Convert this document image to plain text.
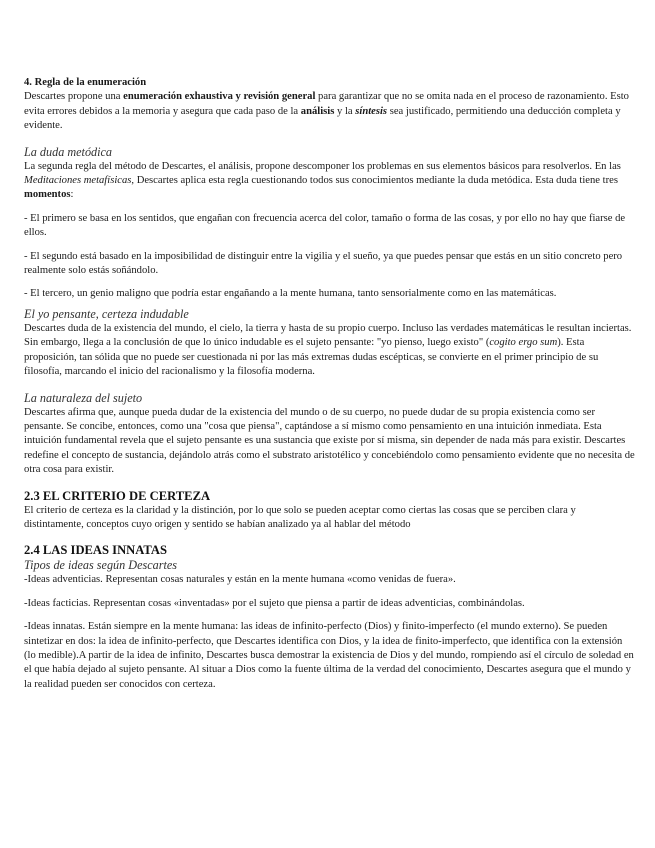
4. Regla de la enumeración

Descartes propone una enumeración exhaustiva y revisión general para garantizar que no se omita nada en el proceso de razonamiento. Esto evita errores debidos a la memoria y asegura que cada paso de la análisis y la síntesis sea justificado, permitiendo una deducción completa y evidente.

La duda metódica

La segunda regla del método de Descartes, el análisis, propone descomponer los problemas en sus elementos básicos para resolverlos. En las Meditaciones metafísicas, Descartes aplica esta regla cuestionando todos sus conocimientos mediante la duda metódica. Esta duda tiene tres momentos:

- El primero se basa en los sentidos, que engañan con frecuencia acerca del color, tamaño o forma de las cosas, y por ello no hay que fiarse de ellos.

- El segundo está basado en la imposibilidad de distinguir entre la vigilia y el sueño, ya que puedes pensar que estás en un sitio concreto pero realmente solo estás soñándolo.

- El tercero, un genio maligno que podría estar engañando a la mente humana, tanto sensorialmente como en las matemáticas.

El yo pensante, certeza indudable

Descartes duda de la existencia del mundo, el cielo, la tierra y hasta de su propio cuerpo. Incluso las verdades matemáticas le resultan inciertas. Sin embargo, llega a la conclusión de que lo único indudable es el sujeto pensante: "yo pienso, luego existo" (cogito ergo sum). Esta proposición, tan sólida que no puede ser cuestionada ni por las más extremas dudas escépticas, se convierte en el primer principio de su filosofía, marcando el inicio del racionalismo y la filosofía moderna.

La naturaleza del sujeto

Descartes afirma que, aunque pueda dudar de la existencia del mundo o de su cuerpo, no puede dudar de su propia existencia como ser pensante. Se concibe, entonces, como una "cosa que piensa", captándose a sí mismo como pensamiento en una intuición inmediata. Esta intuición fundamental revela que el sujeto pensante es una sustancia que existe por sí misma, sin depender de nada más para existir. Descartes redefine el concepto de sustancia, dejándolo atrás como el substrato aristotélico y concebiéndolo como pensamiento evidente que no necesita de otra cosa para existir.

2.3 EL CRITERIO DE CERTEZA

El criterio de certeza es la claridad y la distinción, por lo que solo se pueden aceptar como ciertas las cosas que se perciben clara y distintamente, conceptos cuyo origen y sentido se habían analizado ya al hablar del método

2.4 LAS IDEAS INNATAS

Tipos de ideas según Descartes

-Ideas adventicias. Representan cosas naturales y están en la mente humana «como venidas de fuera».

-Ideas facticias. Representan cosas «inventadas» por el sujeto que piensa a partir de ideas adventicias, combinándolas.

-Ideas innatas. Están siempre en la mente humana: las ideas de infinito-perfecto (Dios) y finito-imperfecto (el mundo externo). Se pueden sintetizar en dos: la idea de infinito-perfecto, que Descartes identifica con Dios, y la idea de finito-imperfecto, que identifica con la extensión (lo medible).A partir de la idea de infinito, Descartes busca demostrar la existencia de Dios y del mundo, rompiendo así el círculo de soledad en el que había dejado al sujeto pensante. Al situar a Dios como la fuente última de la verdad del conocimiento, Descartes asegura que el mundo y la realidad pueden ser conocidos con certeza.
